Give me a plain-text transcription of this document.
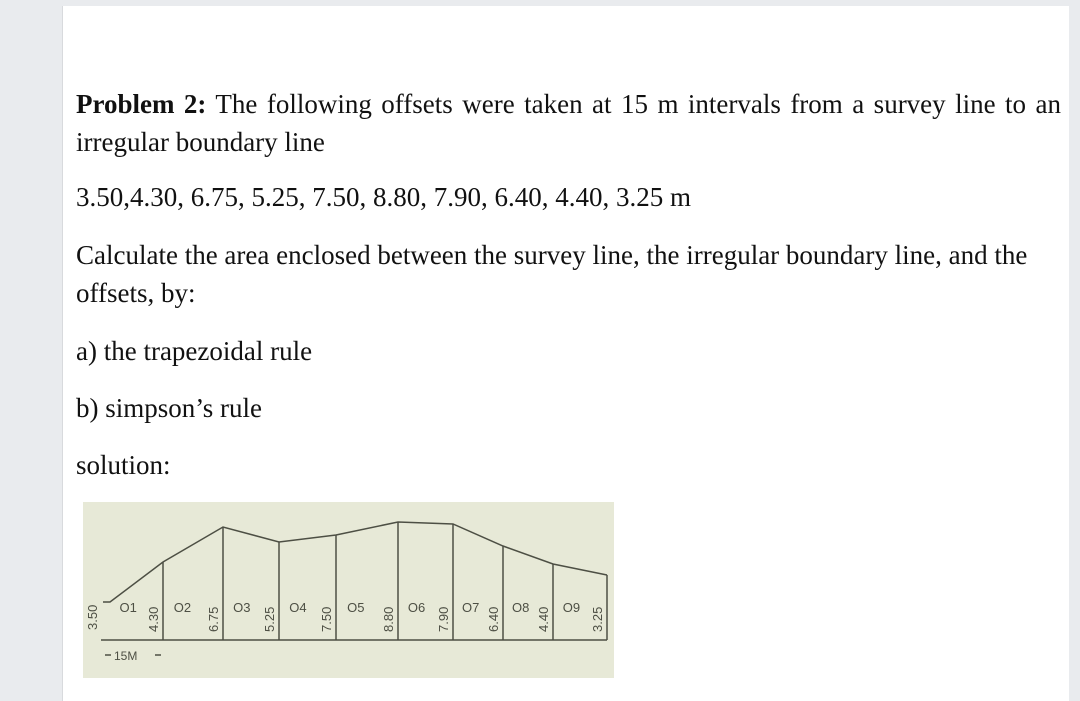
Problem 2: The following offsets were taken at 15 m intervals from a survey line to an irregular boundary line
3.50,4.30, 6.75, 5.25, 7.50, 8.80, 7.90, 6.40, 4.40, 3.25 m
Calculate the area enclosed between the survey line, the irregular boundary line, and the offsets, by:
a) the trapezoidal rule
b) simpson’s rule
solution:
3.50 O1 4.30 O2 6.75 O3 5.25 O4 7.50 O5 8.80 O6 7.90 O7 6.40 O8 4.40 O9 3.25
15M
